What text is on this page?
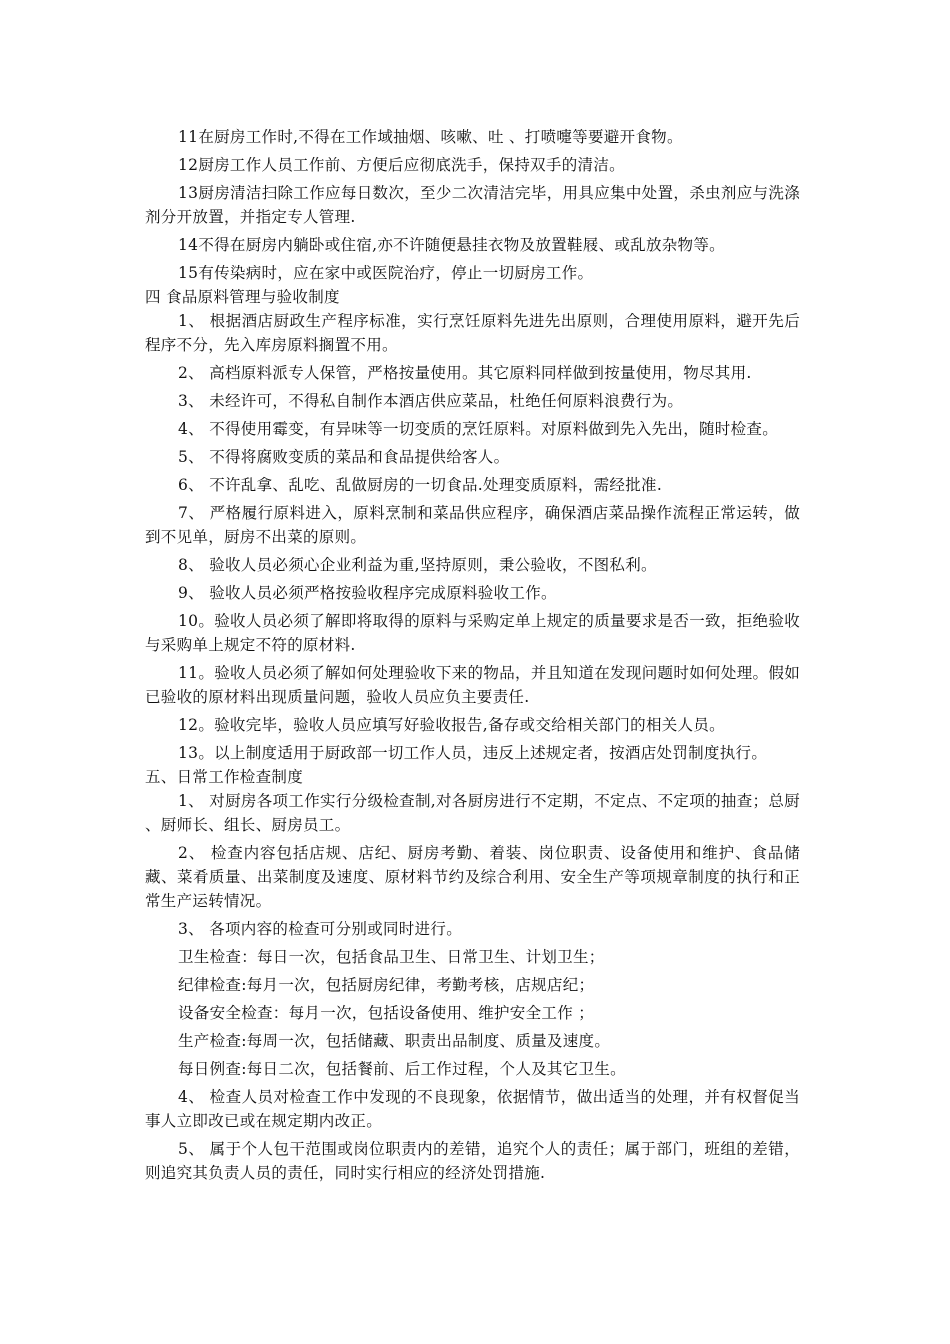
11在厨房工作时,不得在工作域抽烟、咳嗽、吐 、打喷嚏等要避开食物。

12厨房工作人员工作前、方便后应彻底洗手，保持双手的清洁。

13厨房清洁扫除工作应每日数次，至少二次清洁完毕，用具应集中处置，杀虫剂应与洗涤剂分开放置，并指定专人管理.

14不得在厨房内躺卧或住宿,亦不许随便悬挂衣物及放置鞋屐、或乱放杂物等。

15有传染病时，应在家中或医院治疗，停止一切厨房工作。

四 食品原料管理与验收制度

1、 根据酒店厨政生产程序标准，实行烹饪原料先进先出原则，合理使用原料，避开先后程序不分，先入库房原料搁置不用。

2、 高档原料派专人保管，严格按量使用。其它原料同样做到按量使用，物尽其用.

3、 未经许可，不得私自制作本酒店供应菜品，杜绝任何原料浪费行为。

4、 不得使用霉变，有异味等一切变质的烹饪原料。对原料做到先入先出，随时检查。

5、 不得将腐败变质的菜品和食品提供给客人。

6、 不许乱拿、乱吃、乱做厨房的一切食品.处理变质原料，需经批准.

7、 严格履行原料进入，原料烹制和菜品供应程序，确保酒店菜品操作流程正常运转，做到不见单，厨房不出菜的原则。

8、 验收人员必须心企业利益为重,坚持原则，秉公验收，不图私利。

9、 验收人员必须严格按验收程序完成原料验收工作。

10。验收人员必须了解即将取得的原料与采购定单上规定的质量要求是否一致，拒绝验收与采购单上规定不符的原材料.

11。验收人员必须了解如何处理验收下来的物品，并且知道在发现问题时如何处理。假如已验收的原材料出现质量问题，验收人员应负主要责任.

12。验收完毕，验收人员应填写好验收报告,备存或交给相关部门的相关人员。

13。以上制度适用于厨政部一切工作人员，违反上述规定者，按酒店处罚制度执行。

五、日常工作检查制度

1、 对厨房各项工作实行分级检查制,对各厨房进行不定期，不定点、不定项的抽查；总厨 、厨师长、组长、厨房员工。

2、 检查内容包括店规、店纪、厨房考勤、着装、岗位职责、设备使用和维护、食品储藏、菜肴质量、出菜制度及速度、原材料节约及综合利用、安全生产等项规章制度的执行和正常生产运转情况。

3、 各项内容的检查可分别或同时进行。

卫生检查：每日一次，包括食品卫生、日常卫生、计划卫生；

纪律检查:每月一次，包括厨房纪律，考勤考核，店规店纪；

设备安全检查：每月一次，包括设备使用、维护安全工作 ；

生产检查:每周一次，包括储藏、职责出品制度、质量及速度。

每日例查:每日二次，包括餐前、后工作过程，个人及其它卫生。

4、 检查人员对检查工作中发现的不良现象，依据情节，做出适当的处理，并有权督促当事人立即改已或在规定期内改正。

5、 属于个人包干范围或岗位职责内的差错，追究个人的责任；属于部门，班组的差错，则追究其负责人员的责任，同时实行相应的经济处罚措施.
